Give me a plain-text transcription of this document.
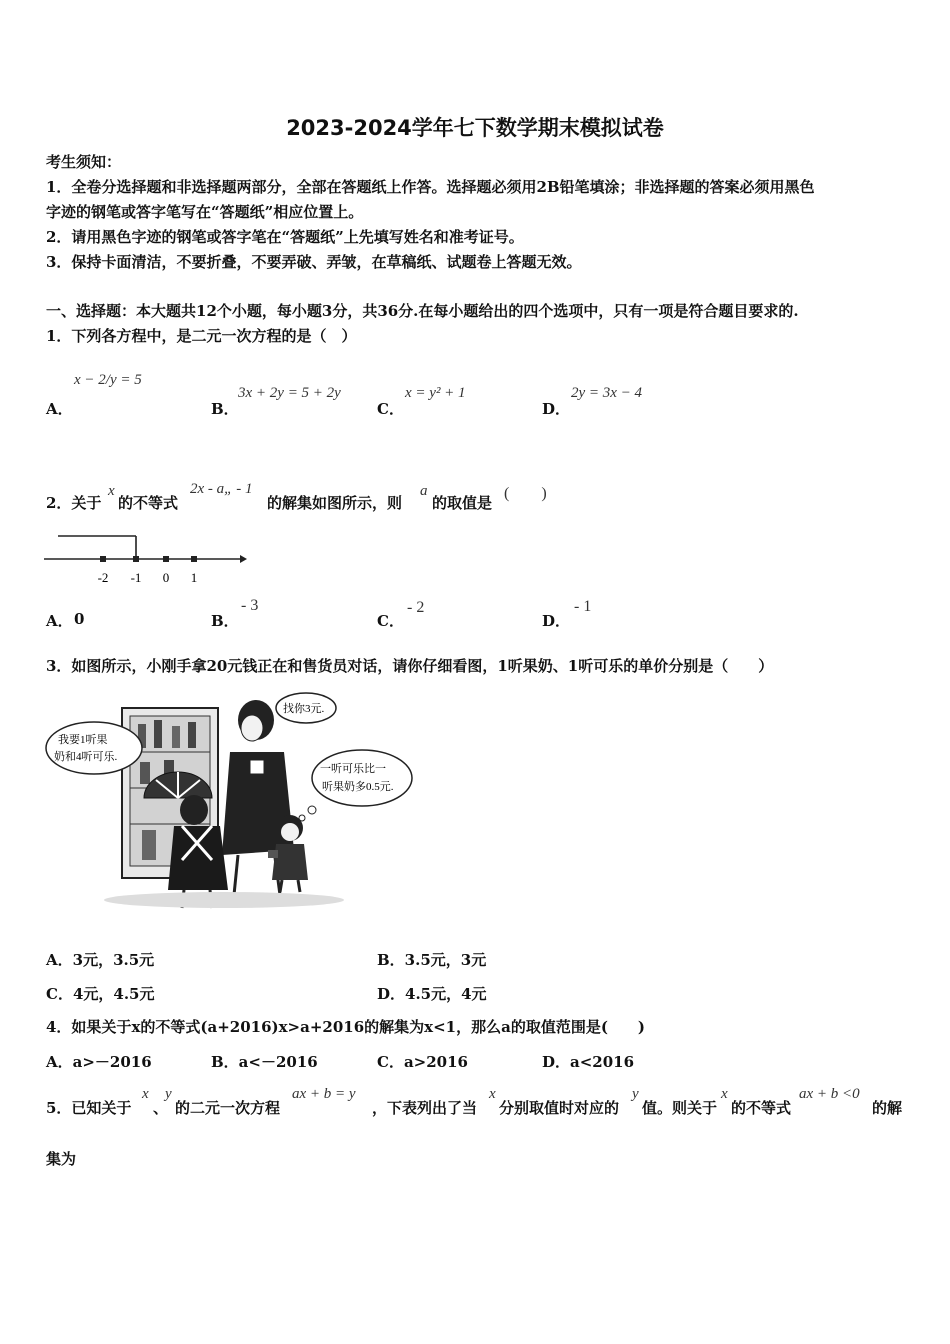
2023-2024学年七下数学期末模拟试卷
考生须知：
1．全卷分选择题和非选择题两部分，全部在答题纸上作答。选择题必须用2B铅笔填涂；非选择题的答案必须用黑色
字迹的钢笔或答字笔写在“答题纸”相应位置上。
2．请用黑色字迹的钢笔或答字笔在“答题纸”上先填写姓名和准考证号。
3．保持卡面清洁，不要折叠，不要弄破、弄皱，在草稿纸、试题卷上答题无效。
一、选择题：本大题共12个小题，每小题3分，共36分.在每小题给出的四个选项中，只有一项是符合题目要求的.
1．下列各方程中，是二元一次方程的是（　）
A．
x − 2/y = 5
B．
3x + 2y = 5 + 2y
C．
x = y² + 1
D．
2y = 3x − 4
2．关于
x
的不等式
2x - a„ - 1
的解集如图所示，则
a
的取值是
(　　)
-2 -1 0 1
A． 0	B．
- 3
C．
- 2
D．
- 1
3．如图所示，小刚手拿20元钱正在和售货员对话，请你仔细看图，1听果奶、1听可乐的单价分别是（　　）
我要1听果
奶和4听可乐.
找你3元.
一听可乐比一
听果奶多0.5元.
A．3元，3.5元	B．3.5元，3元
C．4元，4.5元	D．4.5元，4元
4．如果关于x的不等式(a+2016)x>a+2016的解集为x<1，那么a的取值范围是(　　)
A．a>－2016	B．a<－2016	C．a>2016	D．a<2016
5．已知关于
x
、
y
的二元一次方程
ax + b = y
，下表列出了当
x
分别取值时对应的
y
值。则关于
x
的不等式
ax + b <0
的解
集为
